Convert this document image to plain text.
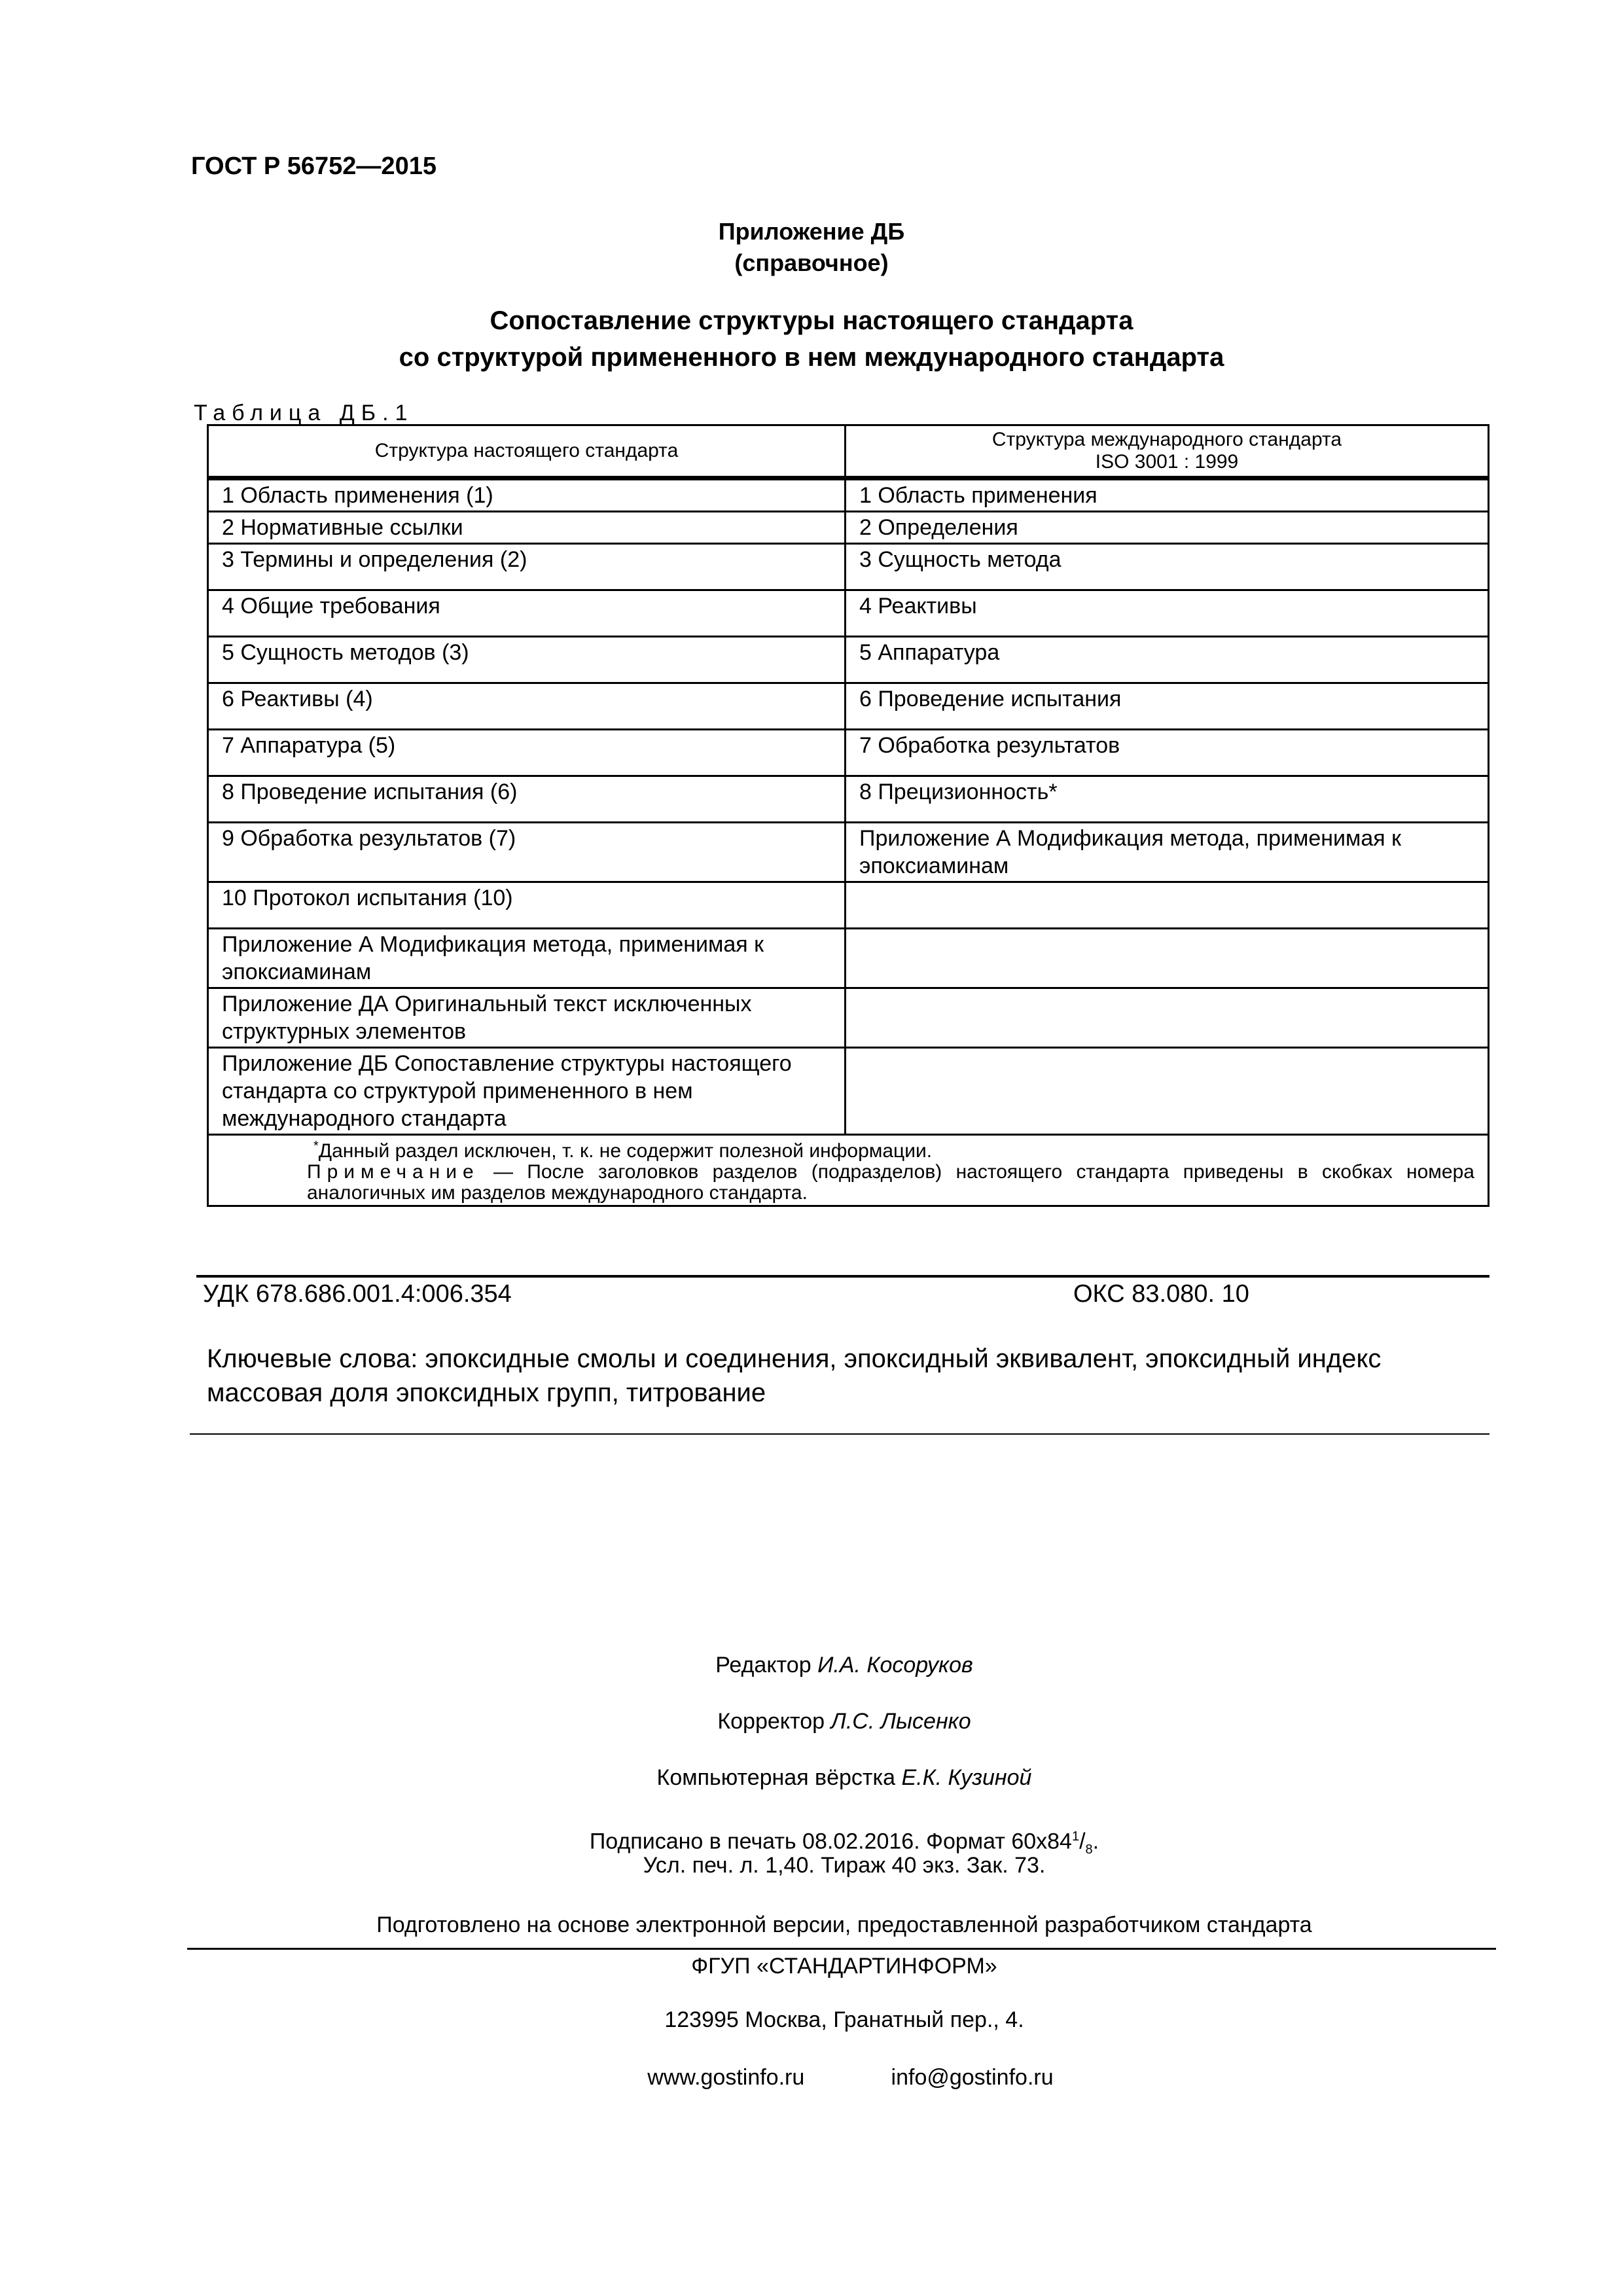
ГОСТ Р 56752—2015
Приложение ДБ
(справочное)
Сопоставление структуры настоящего стандарта
со структурой примененного в нем международного стандарта
Таблица ДБ.1
Структура настоящего стандарта	Структура международного стандарта
ISO 3001 : 1999

1 Область применения (1)	1 Область применения
2 Нормативные ссылки	2 Определения
3 Термины и определения (2)	3 Сущность метода
4 Общие требования	4 Реактивы
5 Сущность методов (3)	5 Аппаратура
6 Реактивы (4)	6 Проведение испытания
7 Аппаратура (5)	7 Обработка результатов
8 Проведение испытания (6)	8 Прецизионность*
9 Обработка результатов (7)	Приложение А Модификация метода, применимая к эпоксиаминам
10 Протокол испытания (10)	
Приложение А Модификация метода, применимая к эпоксиаминам	
Приложение ДА Оригинальный текст исключенных структурных элементов	
Приложение ДБ Сопоставление структуры настоящего стандарта со структурой примененного в нем международного стандарта	

*Данный раздел исключен, т. к. не содержит полезной информации.
Примечание — После заголовков разделов (подразделов) настоящего стандарта приведены в скобках номера аналогичных им разделов международного стандарта.	
УДК 678.686.001.4:006.354	ОКС 83.080. 10
Ключевые слова: эпоксидные смолы и соединения, эпоксидный эквивалент, эпоксидный индекс массовая доля эпоксидных групп, титрование
Редактор И.А. Косоруков
Корректор Л.С. Лысенко
Компьютерная вёрстка Е.К. Кузиной
Подписано в печать 08.02.2016. Формат $60x84^1/_8$.
Усл. печ. л. 1,40. Тираж 40 экз. Зак. 73.
Подготовлено на основе электронной версии, предоставленной разработчиком стандарта
ФГУП «СТАНДАРТИНФОРМ»
123995 Москва, Гранатный пер., 4.

www.gostinfo.ru	info@gostinfo.ru
